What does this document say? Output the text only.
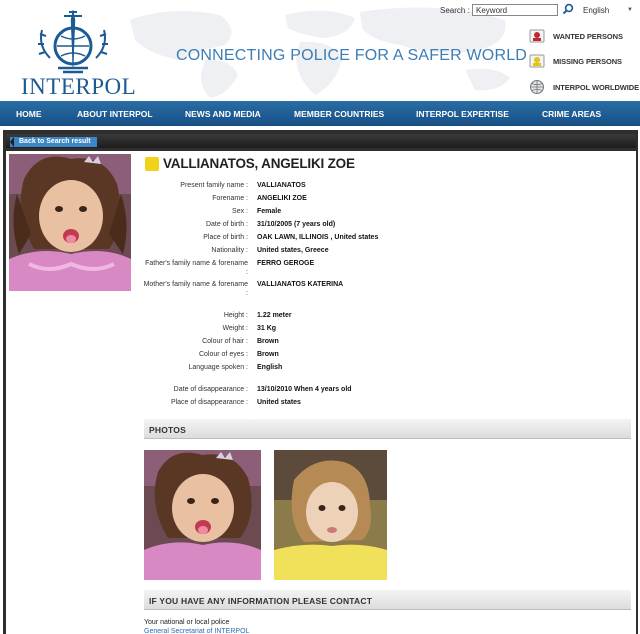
INTERPOL
CONNECTING POLICE FOR A SAFER WORLD
Search :
Keyword	English	▼
WANTED PERSONS
MISSING PERSONS
INTERPOL WORLDWIDE
HOME	ABOUT INTERPOL	NEWS AND MEDIA	MEMBER COUNTRIES	INTERPOL EXPERTISE	CRIME AREAS
Back to Search result
VALLIANATOS, ANGELIKI ZOE
Present family name : VALLIANATOS
Forename : ANGELIKI ZOE
Sex : Female
Date of birth : 31/10/2005 (7 years old)
Place of birth : OAK LAWN, ILLINOIS , United states
Nationality : United states, Greece
Father's family name & forename
:
FERRO GEROGE
Mother's family name & forename
:
VALLIANATOS KATERINA
Height : 1.22 meter
Weight : 31 Kg
Colour of hair : Brown
Colour of eyes : Brown
Language spoken : English
Date of disappearance : 13/10/2010 When 4 years old
Place of disappearance : United states
PHOTOS
IF YOU HAVE ANY INFORMATION PLEASE CONTACT
Your national or local police
General Secretariat of INTERPOL
